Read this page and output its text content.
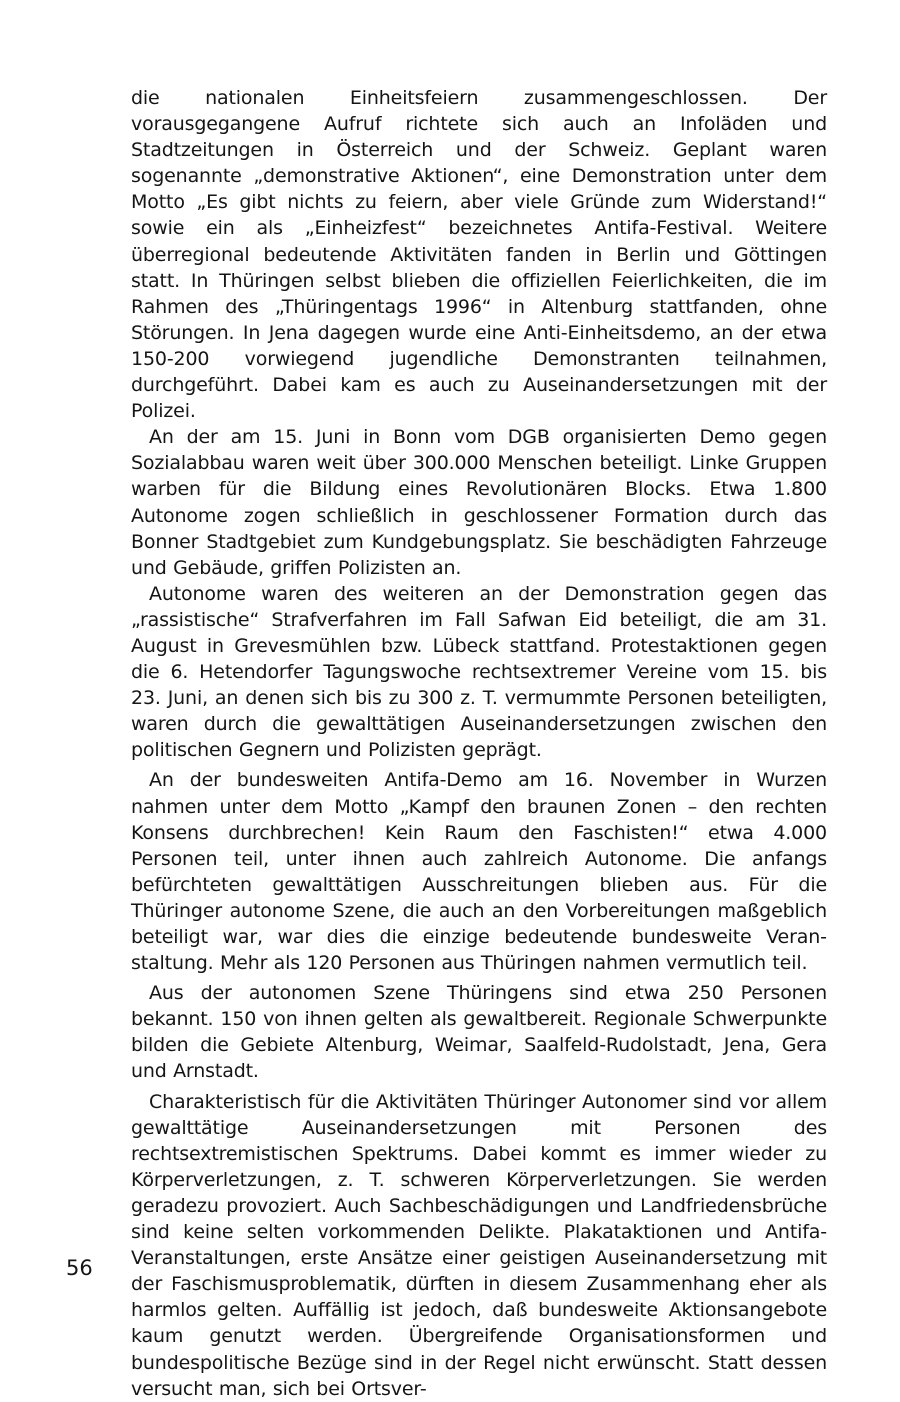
die nationalen Einheitsfeiern zusammengeschlossen. Der vorausgegangene Aufruf richtete sich auch an Infoläden und Stadtzeitungen in Österreich und der Schweiz. Geplant waren sogenannte „demonstrative Aktionen“, eine Demonstration unter dem Motto „Es gibt nichts zu feiern, aber viele Gründe zum Widerstand!“ sowie ein als „Einheizfest“ bezeichnetes Antifa-Festival. Weitere überregional bedeutende Aktivitäten fanden in Berlin und Göttingen statt. In Thüringen selbst blieben die offiziellen Feierlichkeiten, die im Rahmen des „Thüringentags 1996“ in Altenburg stattfanden, ohne Störungen. In Jena dagegen wurde eine Anti-Einheitsdemo, an der etwa 150-200 vorwiegend jugendliche Demonstranten teilnahmen, durchgeführt. Dabei kam es auch zu Auseinandersetzungen mit der Polizei.

An der am 15. Juni in Bonn vom DGB organisierten Demo gegen Sozialabbau waren weit über 300.000 Menschen beteiligt. Linke Gruppen warben für die Bildung eines Revolutionären Blocks. Etwa 1.800 Autonome zogen schließlich in geschlossener Formation durch das Bonner Stadtgebiet zum Kundgebungsplatz. Sie beschädigten Fahrzeuge und Gebäude, griffen Polizisten an.

Autonome waren des weiteren an der Demonstration gegen das „rassistische“ Strafverfahren im Fall Safwan Eid beteiligt, die am 31. August in Grevesmühlen bzw. Lübeck stattfand. Protestaktionen gegen die 6. Hetendorfer Tagungswoche rechtsextremer Vereine vom 15. bis 23. Juni, an denen sich bis zu 300 z. T. vermummte Personen beteiligten, waren durch die gewalttätigen Auseinandersetzungen zwischen den politischen Gegnern und Polizisten geprägt.

An der bundesweiten Antifa-Demo am 16. November in Wurzen nahmen unter dem Motto „Kampf den braunen Zonen – den rechten Konsens durchbrechen! Kein Raum den Faschisten!“ etwa 4.000 Personen teil, unter ihnen auch zahlreich Autonome. Die anfangs befürchteten gewalttätigen Ausschreitungen blieben aus. Für die Thüringer autonome Szene, die auch an den Vorbereitungen maßgeblich beteiligt war, war dies die einzige bedeutende bundesweite Veranstaltung. Mehr als 120 Personen aus Thüringen nahmen vermutlich teil.

Aus der autonomen Szene Thüringens sind etwa 250 Personen bekannt. 150 von ihnen gelten als gewaltbereit. Regionale Schwerpunkte bilden die Gebiete Altenburg, Weimar, Saalfeld-Rudolstadt, Jena, Gera und Arnstadt.

Charakteristisch für die Aktivitäten Thüringer Autonomer sind vor allem gewalttätige Auseinandersetzungen mit Personen des rechtsextremistischen Spektrums. Dabei kommt es immer wieder zu Körperverletzungen, z. T. schweren Körperverletzungen. Sie werden geradezu provoziert. Auch Sachbeschädigungen und Landfriedensbrüche sind keine selten vorkommenden Delikte. Plakataktionen und Antifa-Veranstaltungen, erste Ansätze einer geistigen Auseinandersetzung mit der Faschismusproblematik, dürften in diesem Zusammenhang eher als harmlos gelten. Auffällig ist jedoch, daß bundesweite Aktionsangebote kaum genutzt werden. Übergreifende Organisationsformen und bundespolitische Bezüge sind in der Regel nicht erwünscht. Statt dessen versucht man, sich bei Ortsver-

56
